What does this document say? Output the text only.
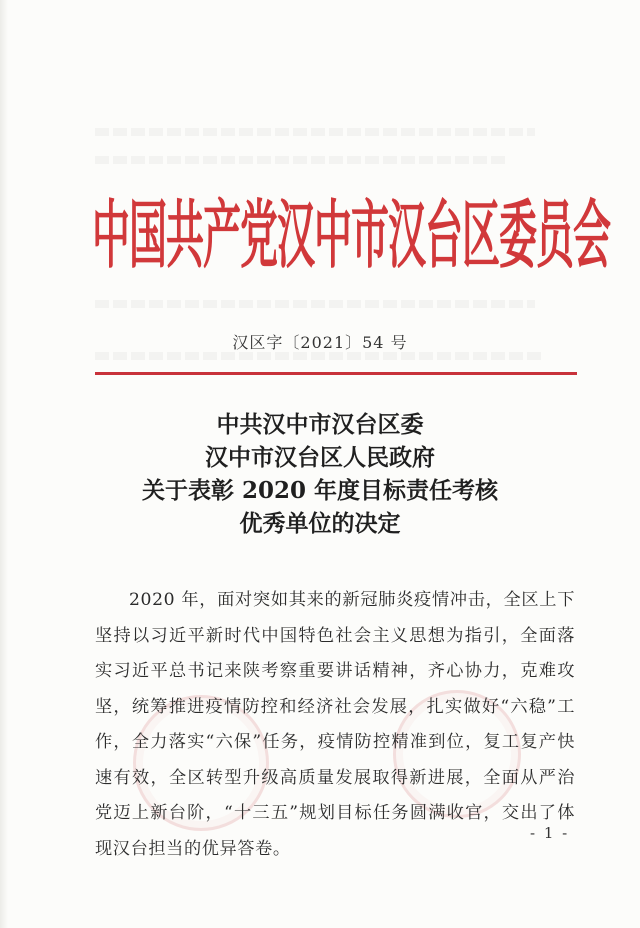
中国共产党汉中市汉台区委员会
汉区字〔2021〕54 号
中共汉中市汉台区委
汉中市汉台区人民政府
关于表彰 2020 年度目标责任考核
优秀单位的决定

2020 年，面对突如其来的新冠肺炎疫情冲击，全区上下坚持以习近平新时代中国特色社会主义思想为指引，全面落实习近平总书记来陕考察重要讲话精神，齐心协力，克难攻坚，统筹推进疫情防控和经济社会发展，扎实做好“六稳”工作，全力落实“六保”任务，疫情防控精准到位，复工复产快速有效，全区转型升级高质量发展取得新进展，全面从严治党迈上新台阶，“十三五”规划目标任务圆满收官，交出了体现汉台担当的优异答卷。

- 1 -
